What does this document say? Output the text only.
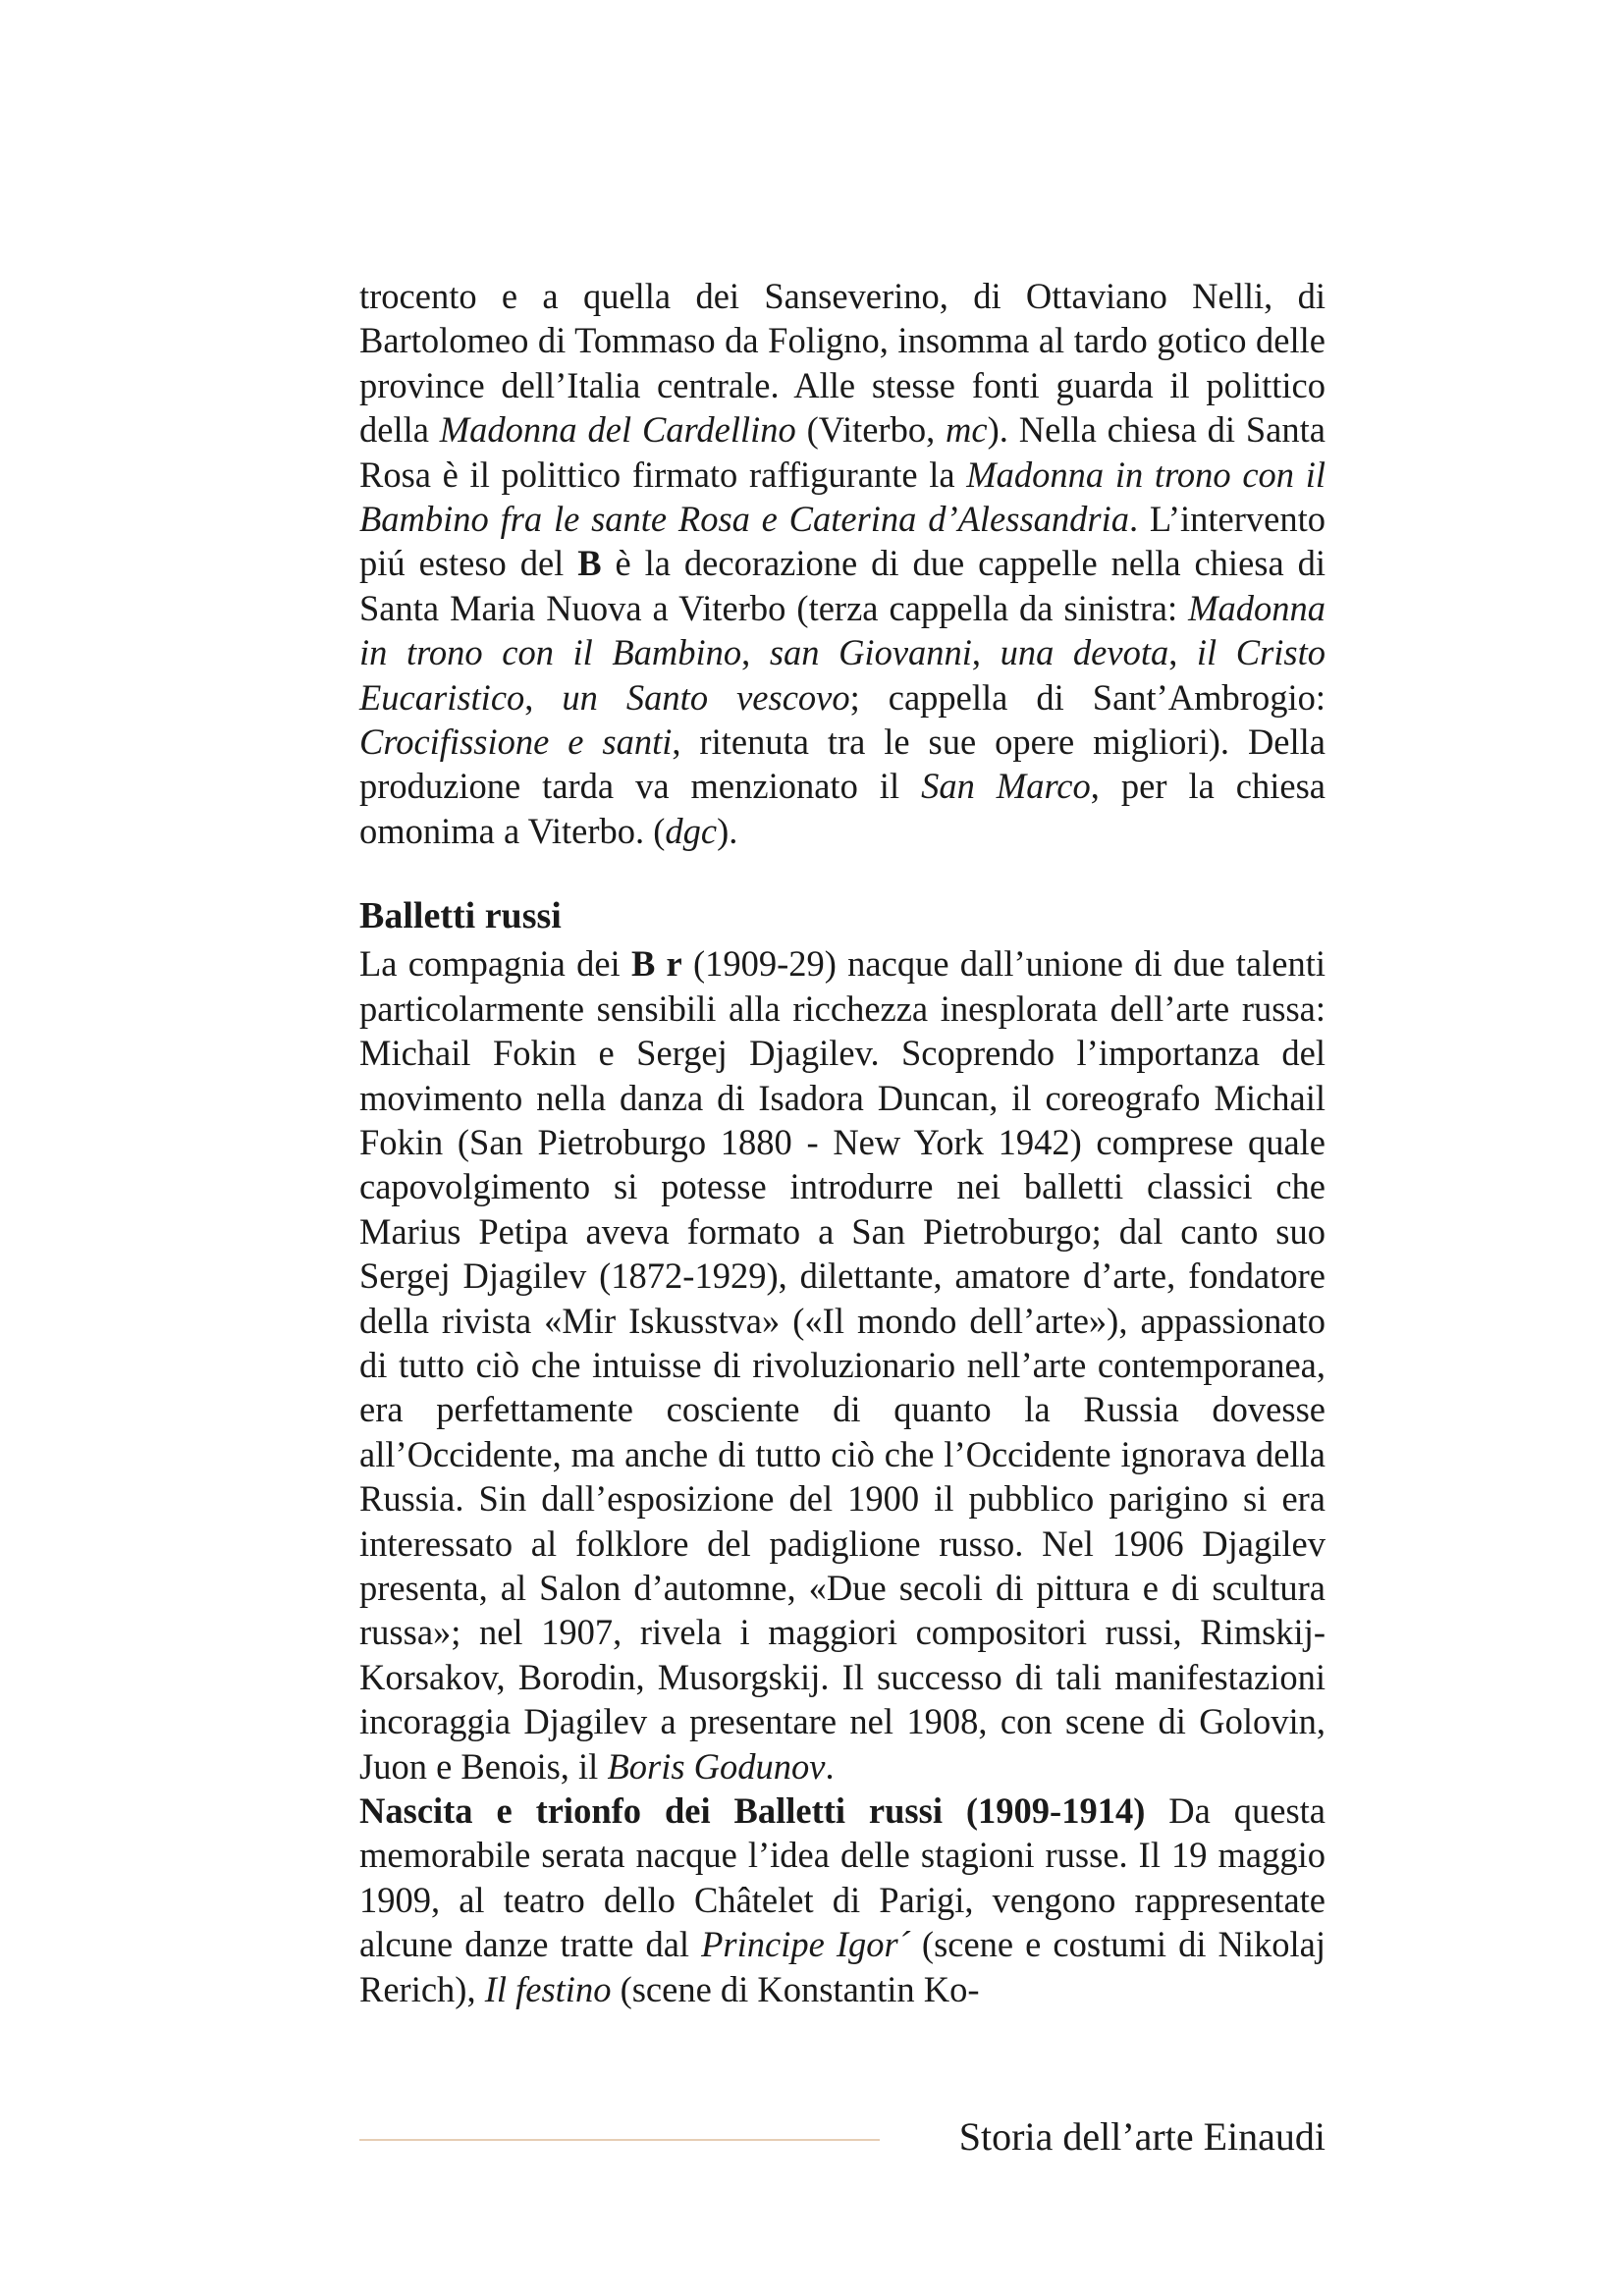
trocento e a quella dei Sanseverino, di Ottaviano Nelli, di Bartolomeo di Tommaso da Foligno, insomma al tardo gotico delle province dell’Italia centrale. Alle stesse fonti guarda il polittico della Madonna del Cardellino (Viterbo, mc). Nella chiesa di Santa Rosa è il polittico firmato raffigurante la Madonna in trono con il Bambino fra le sante Rosa e Caterina d’Alessandria. L’intervento piú esteso del B è la decorazione di due cappelle nella chiesa di Santa Maria Nuova a Viterbo (terza cappella da sinistra: Madonna in trono con il Bambino, san Giovanni, una devota, il Cristo Eucaristico, un Santo vescovo; cappella di Sant’Ambrogio: Crocifissione e santi, ritenuta tra le sue opere migliori). Della produzione tarda va menzionato il San Marco, per la chiesa omonima a Viterbo. (dgc).

Balletti russi

La compagnia dei B r (1909-29) nacque dall’unione di due talenti particolarmente sensibili alla ricchezza inesplorata dell’arte russa: Michail Fokin e Sergej Djagilev. Scoprendo l’importanza del movimento nella danza di Isadora Duncan, il coreografo Michail Fokin (San Pietroburgo 1880 - New York 1942) comprese quale capovolgimento si potesse introdurre nei balletti classici che Marius Petipa aveva formato a San Pietroburgo; dal canto suo Sergej Djagilev (1872-1929), dilettante, amatore d’arte, fondatore della rivista «Mir Iskusstva» («Il mondo dell’arte»), appassionato di tutto ciò che intuisse di rivoluzionario nell’arte contemporanea, era perfettamente cosciente di quanto la Russia dovesse all’Occidente, ma anche di tutto ciò che l’Occidente ignorava della Russia. Sin dall’esposizione del 1900 il pubblico parigino si era interessato al folklore del padiglione russo. Nel 1906 Djagilev presenta, al Salon d’automne, «Due secoli di pittura e di scultura russa»; nel 1907, rivela i maggiori compositori russi, Rimskij-Korsakov, Borodin, Musorgskij. Il successo di tali manifestazioni incoraggia Djagilev a presentare nel 1908, con scene di Golovin, Juon e Benois, il Boris Godunov.

Nascita e trionfo dei Balletti russi (1909-1914) Da questa memorabile serata nacque l’idea delle stagioni russe. Il 19 maggio 1909, al teatro dello Châtelet di Parigi, vengono rappresentate alcune danze tratte dal Principe Igor´ (scene e costumi di Nikolaj Rerich), Il festino (scene di Konstantin Ko-

Storia dell’arte Einaudi
